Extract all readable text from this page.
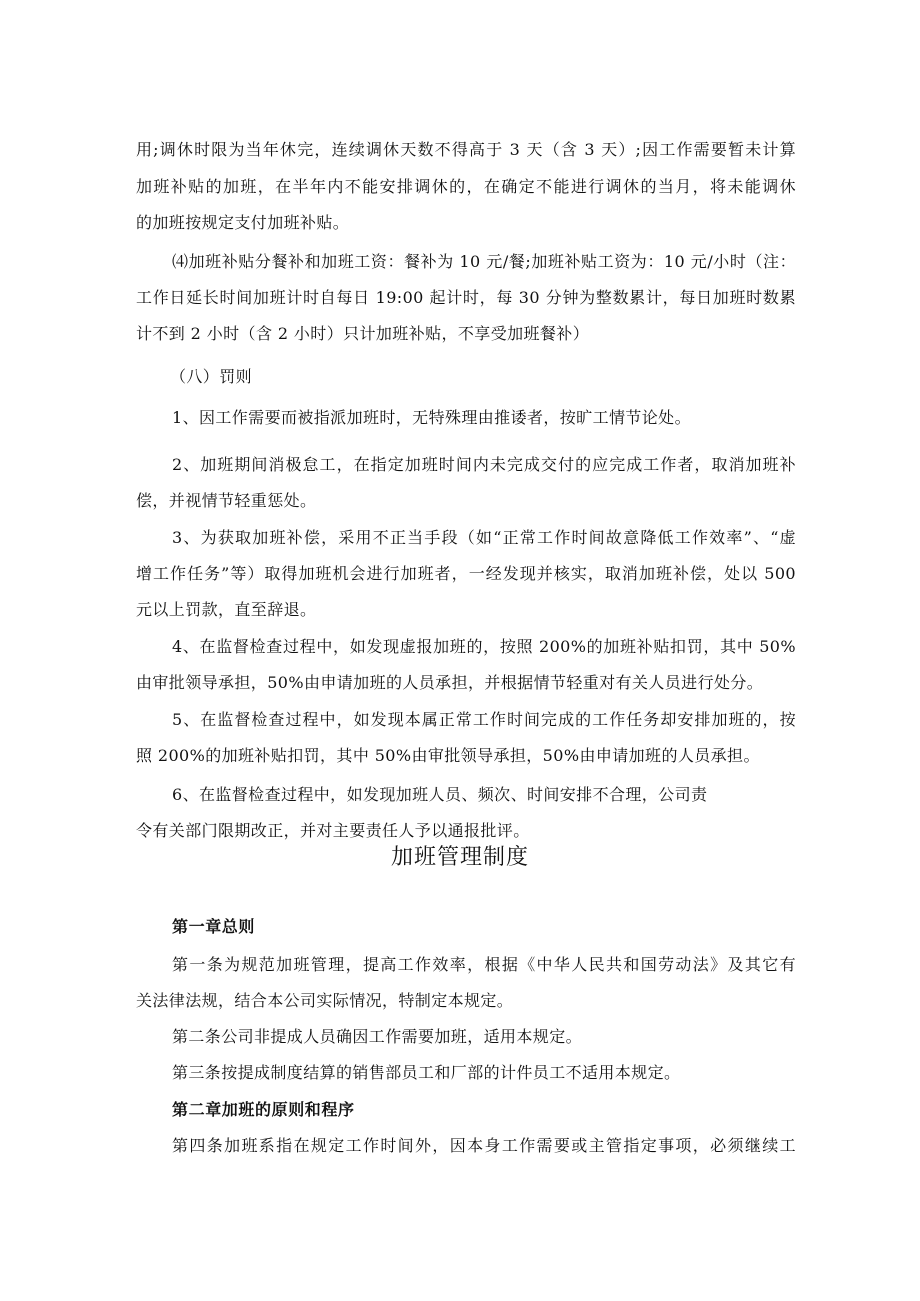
用;调休时限为当年休完，连续调休天数不得高于 3 天（含 3 天）;因工作需要暂未计算
加班补贴的加班，在半年内不能安排调休的，在确定不能进行调休的当月，将未能调休
的加班按规定支付加班补贴。
⑷加班补贴分餐补和加班工资：餐补为 10 元/餐;加班补贴工资为：10 元/小时（注：
工作日延长时间加班计时自每日 19:00 起计时，每 30 分钟为整数累计，每日加班时数累
计不到 2 小时（含 2 小时）只计加班补贴，不享受加班餐补）
（八）罚则
1、因工作需要而被指派加班时，无特殊理由推诿者，按旷工情节论处。
2、加班期间消极怠工，在指定加班时间内未完成交付的应完成工作者，取消加班补
偿，并视情节轻重惩处。
3、为获取加班补偿，采用不正当手段（如“正常工作时间故意降低工作效率”、“虚
增工作任务”等）取得加班机会进行加班者，一经发现并核实，取消加班补偿，处以 500
元以上罚款，直至辞退。
4、在监督检查过程中，如发现虚报加班的，按照 200%的加班补贴扣罚，其中 50%
由审批领导承担，50%由申请加班的人员承担，并根据情节轻重对有关人员进行处分。
5、在监督检查过程中，如发现本属正常工作时间完成的工作任务却安排加班的，按
照 200%的加班补贴扣罚，其中 50%由审批领导承担，50%由申请加班的人员承担。
6、在监督检查过程中，如发现加班人员、频次、时间安排不合理，公司责
令有关部门限期改正，并对主要责任人予以通报批评。
加班管理制度
第一章总则
第一条为规范加班管理，提高工作效率，根据《中华人民共和国劳动法》及其它有
关法律法规，结合本公司实际情况，特制定本规定。
第二条公司非提成人员确因工作需要加班，适用本规定。
第三条按提成制度结算的销售部员工和厂部的计件员工不适用本规定。
第二章加班的原则和程序
第四条加班系指在规定工作时间外，因本身工作需要或主管指定事项，必须继续工
